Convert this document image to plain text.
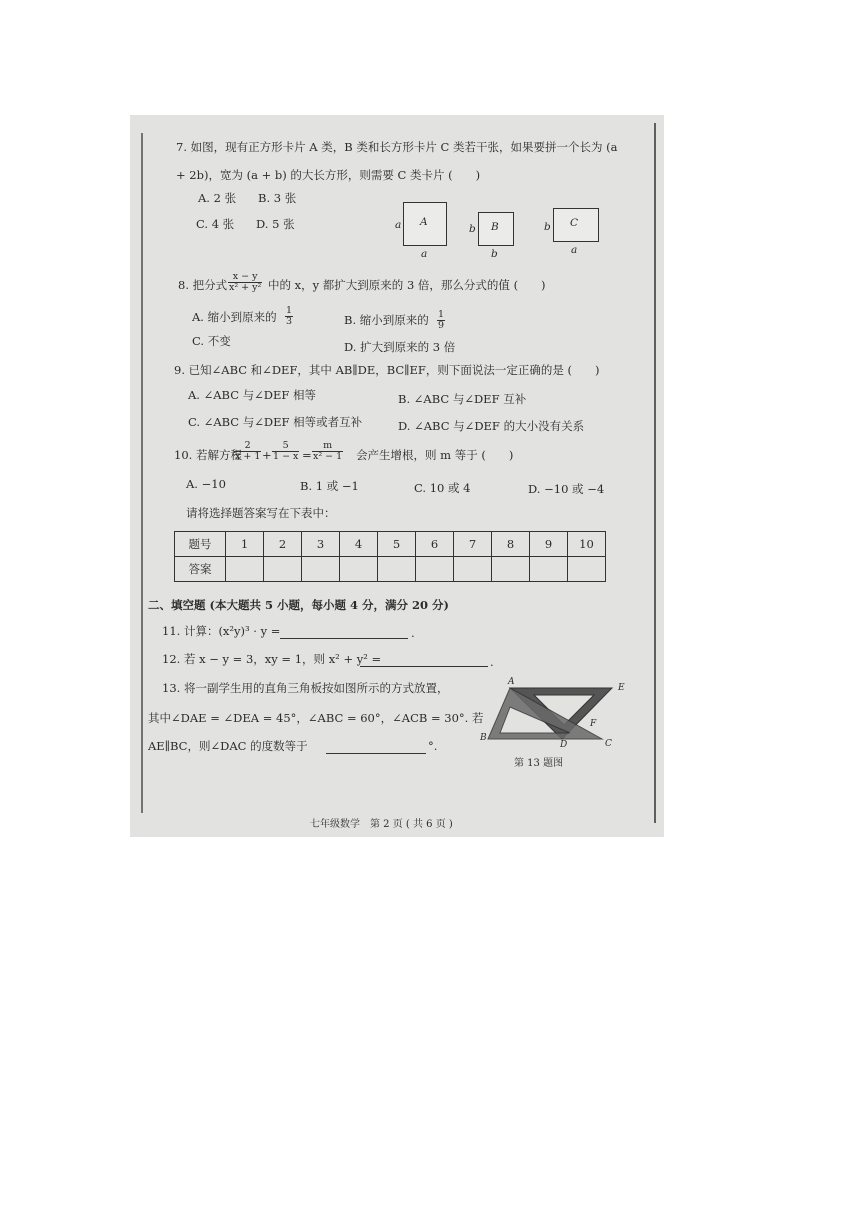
7. 如图，现有正方形卡片 A 类，B 类和长方形卡片 C 类若干张，如果要拼一个长为 (a
+ 2b)，宽为 (a + b) 的大长方形，则需要 C 类卡片 (　　)
A. 2 张 B. 3 张
C. 4 张 D. 5 张	a A
a
b B
b
b C
a
8. 把分式 $\frac{x - y}{\text{x² + y²}}$ 中的 x，y 都扩大到原来的 3 倍，那么分式的值 (　　)
A. 缩小到原来的 $\frac{1}{3}$	B. 缩小到原来的 $\frac{1}{9}$
C. 不变	D. 扩大到原来的 3 倍
9. 已知∠ABC 和∠DEF，其中 AB∥DE，BC∥EF，则下面说法一定正确的是 (　　)
A. ∠ABC 与∠DEF 相等	B. ∠ABC 与∠DEF 互补
C. ∠ABC 与∠DEF 相等或者互补	D. ∠ABC 与∠DEF 的大小没有关系
10. 若解方程
$\frac{2}{x + 1} + \frac{5}{1 - x} = \frac{m}{\text{x² − 1}}$ 会产生增根，则 m 等于 (　　)
A. −10	B. 1 或 −1	C. 10 或 4	D. −10 或 −4
请将选择题答案写在下表中：
题号	1	2	3	4	5	6	7	8	9	10
答案										
二、填空题 (本大题共 5 小题，每小题 4 分，满分 20 分)
11. 计算：(x²y)³ · y =	.
12. 若 x − y = 3，xy = 1，则 x² + y² =	.
13. 将一副学生用的直角三角板按如图所示的方式放置，
其中∠DAE = ∠DEA = 45°，∠ABC = 60°，∠ACB = 30°. 若
AE∥BC，则∠DAC 的度数等于	°.
A
E
F
B
D	C
第 13 题图
七年级数学　第 2 页 ( 共 6 页 )
